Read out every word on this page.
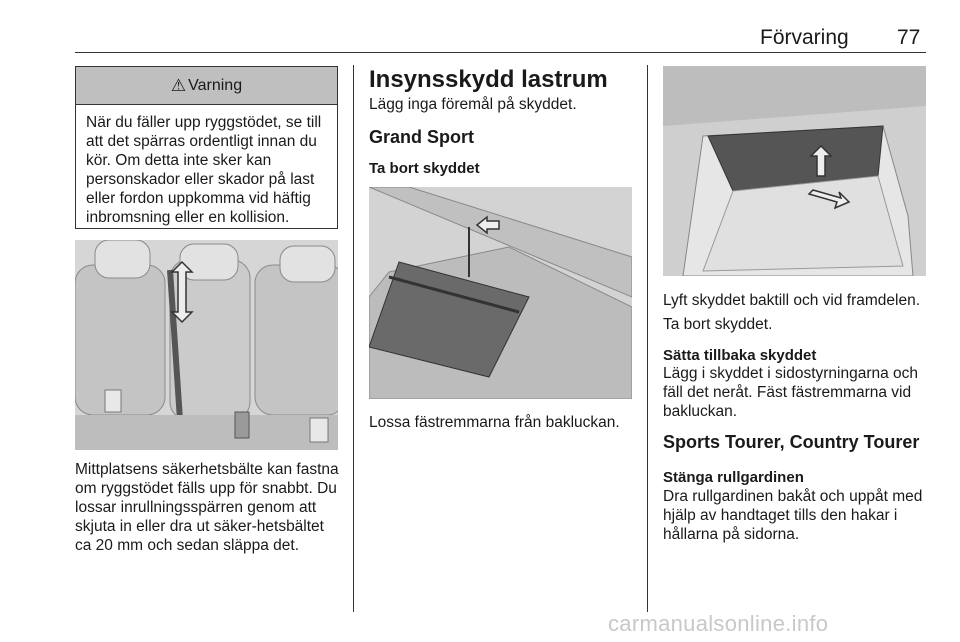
Förvaring 77
⚠ Varning
När du fäller upp ryggstödet, se till att det spärras ordentligt innan du kör. Om detta inte sker kan personskador eller skador på last eller fordon uppkomma vid häftig inbromsning eller en kollision.
Mittplatsens säkerhetsbälte kan fastna om ryggstödet fälls upp för snabbt. Du lossar inrullningsspärren genom att skjuta in eller dra ut säker-hetsbältet ca 20 mm och sedan släppa det.
Insynsskydd lastrum
Lägg inga föremål på skyddet.
Grand Sport
Ta bort skyddet
Lossa fästremmarna från bakluckan.
Lyft skyddet baktill och vid framdelen.
Ta bort skyddet.
Sätta tillbaka skyddet
Lägg i skyddet i sidostyrningarna och fäll det neråt. Fäst fästremmarna vid bakluckan.
Sports Tourer, Country Tourer
Stänga rullgardinen
Dra rullgardinen bakåt och uppåt med hjälp av handtaget tills den hakar i hållarna på sidorna.
carmanualsonline.info
